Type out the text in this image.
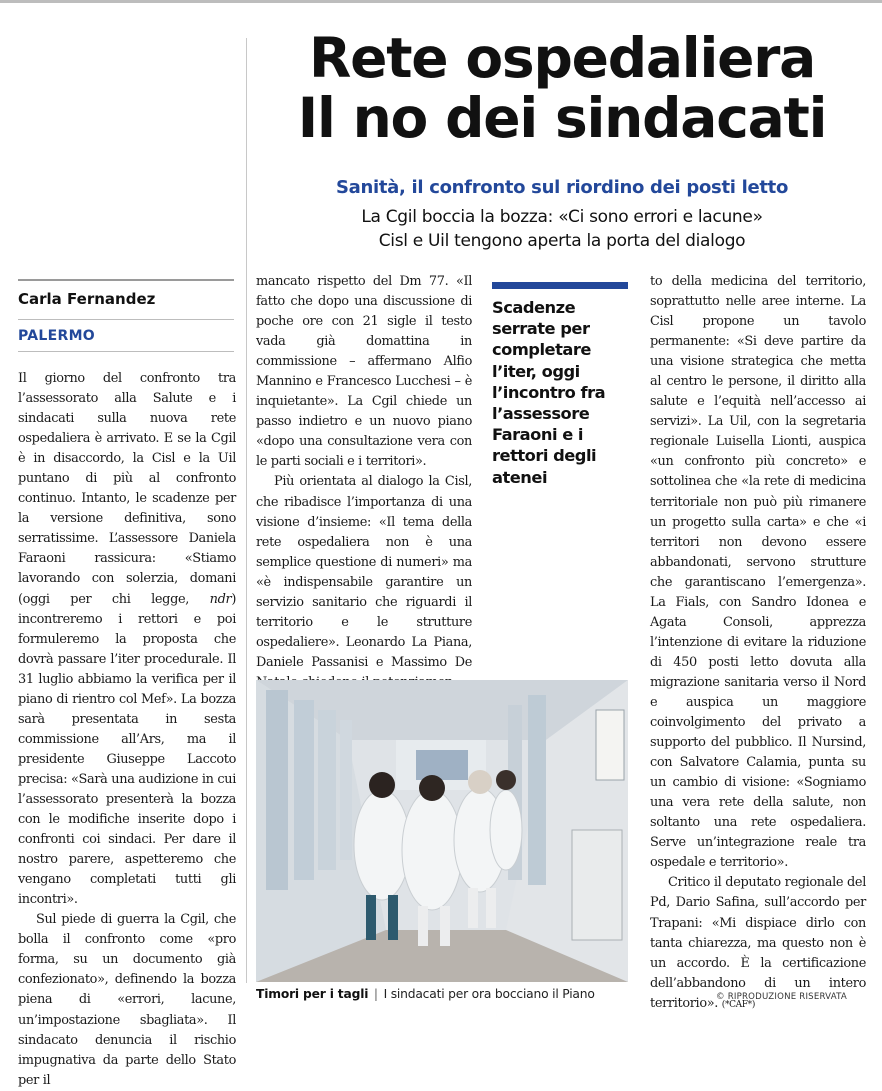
Rete ospedaliera
Il no dei sindacati
Sanità, il confronto sul riordino dei posti letto
La Cgil boccia la bozza: «Ci sono errori e lacune»
Cisl e Uil tengono aperta la porta del dialogo
Carla Fernandez
PALERMO

Il giorno del confronto tra l’assessorato alla Salute e i sindacati sulla nuova rete ospedaliera è arrivato. E se la Cgil è in disaccordo, la Cisl e la Uil puntano di più al confronto continuo. Intanto, le scadenze per la versione definitiva, sono serratissime. L’assessore Daniela Faraoni rassicura: «Stiamo lavorando con solerzia, domani (oggi per chi legge, ndr) incontreremo i rettori e poi formuleremo la proposta che dovrà passare l’iter procedurale. Il 31 luglio abbiamo la verifica per il piano di rientro col Mef». La bozza sarà presentata in sesta commissione all’Ars, ma il presidente Giuseppe Laccoto precisa: «Sarà una audizione in cui l’assessorato presenterà la bozza con le modifiche inserite dopo i confronti coi sindaci. Per dare il nostro parere, aspetteremo che vengano completati tutti gli incontri».

Sul piede di guerra la Cgil, che bolla il confronto come «pro forma, su un documento già confezionato», definendo la bozza piena di «errori, lacune, un’impostazione sbagliata». Il sindacato denuncia il rischio impugnativa da parte dello Stato per il

mancato rispetto del Dm 77. «Il fatto che dopo una discussione di poche ore con 21 sigle il testo vada già domattina in commissione – affermano Alfio Mannino e Francesco Lucchesi – è inquietante». La Cgil chiede un passo indietro e un nuovo piano «dopo una consultazione vera con le parti sociali e i territori».

Più orientata al dialogo la Cisl, che ribadisce l’importanza di una visione d’insieme: «Il tema della rete ospedaliera non è una semplice questione di numeri» ma «è indispensabile garantire un servizio sanitario che riguardi il territorio e le strutture ospedaliere». Leonardo La Piana, Daniele Passanisi e Massimo De

Scadenze serrate per completare l’iter, oggi l’incontro fra l’assessore Faraoni e i rettori degli atenei

to della medicina del territorio, soprattutto nelle aree interne. La Cisl propone un tavolo permanente: «Si deve partire da una visione strategica che metta al centro le persone, il diritto alla salute e l’equità nell’accesso ai servizi». La Uil, con la segretaria regionale Luisella Lionti, auspica «un confronto più concreto» e sottolinea che «la rete di medicina territoriale non può più rimanere un progetto sulla carta» e che «i territori non devono essere abbandonati, servono strutture che garantiscano l’emergenza». La Fials, con Sandro Idonea e Agata Consoli, apprezza l’intenzione di evitare la riduzione di 450 posti letto dovuta alla migrazione sanitaria verso il Nord e auspica un maggiore coinvolgimento del privato a supporto del pubblico. Il Nursind, con Salvatore Calamia, punta su un cambio di visione: «Sogniamo una vera rete della salute, non soltanto una rete ospedaliera. Serve un’integrazione reale tra ospedale e territorio».

Critico il deputato regionale del Pd, Dario Safina, sull’accordo per Trapani: «Mi dispiace dirlo con tanta chiarezza, ma questo non è un accordo. È la certificazione dell’abbandono di un intero territorio». (*CAF*)

Timori per i tagli | I sindacati per ora bocciano il Piano	© RIPRODUZIONE RISERVATA
